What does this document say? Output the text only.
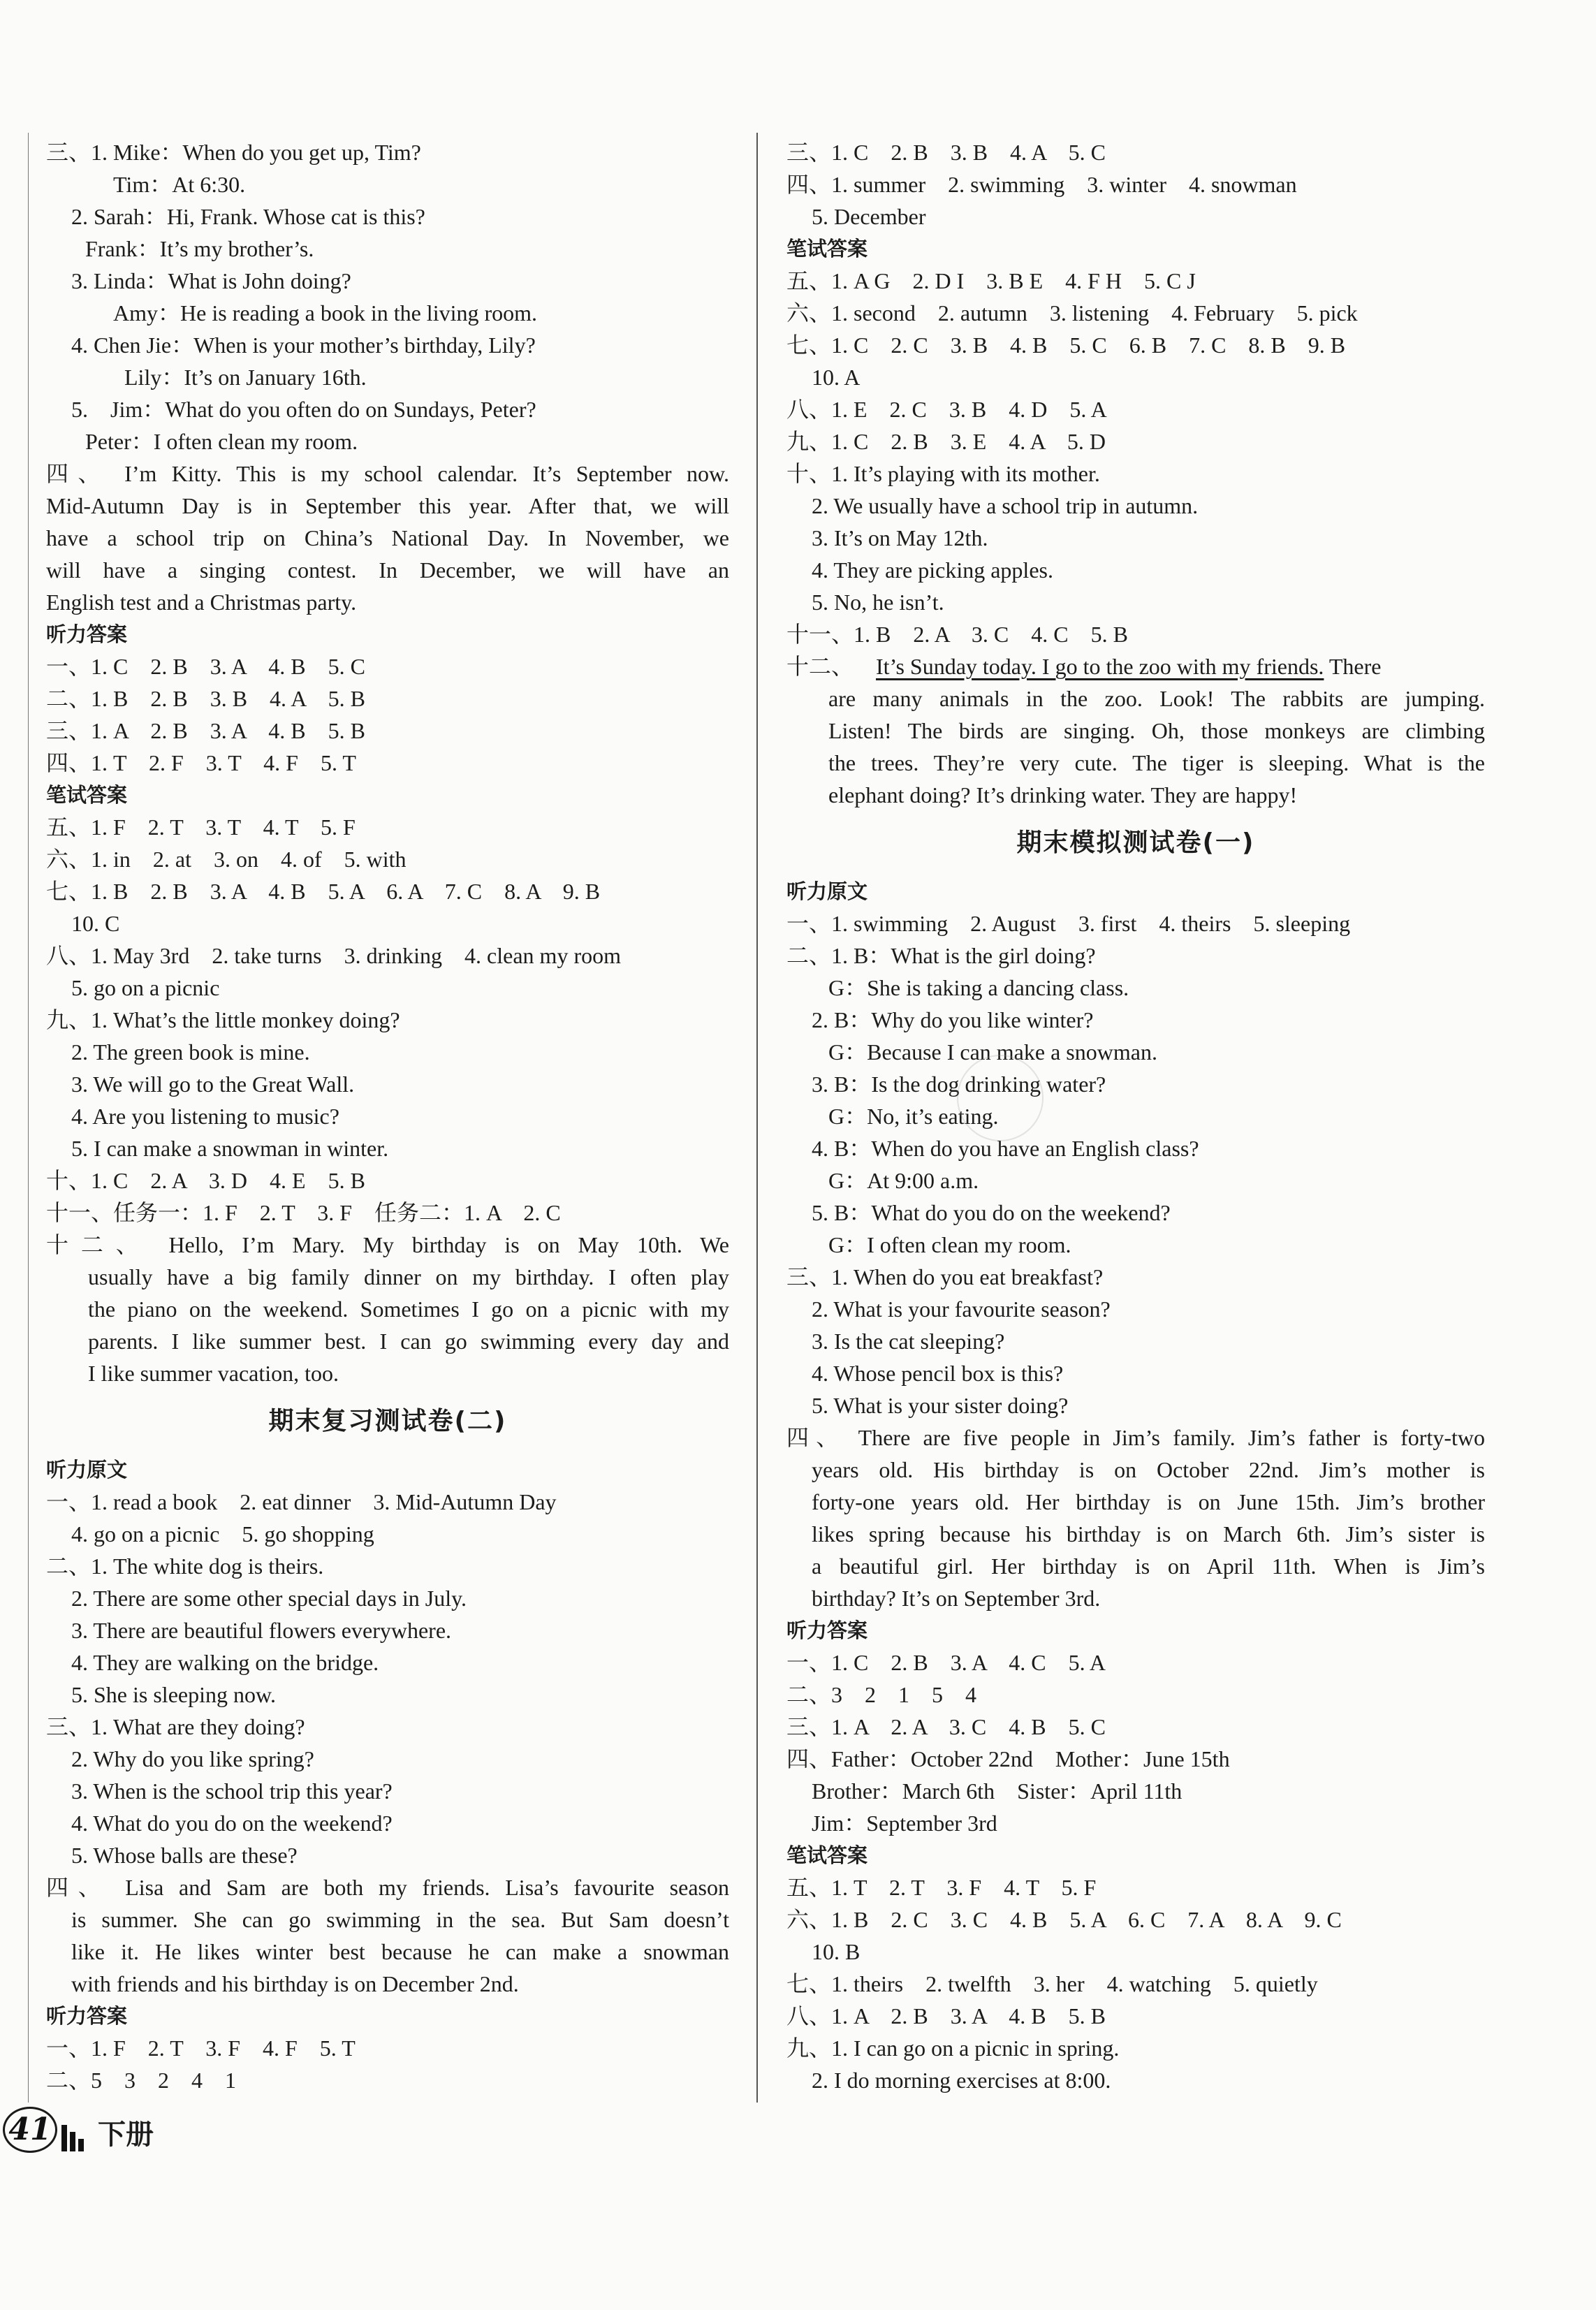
三、1. Mike：When do you get up, Tim?
Tim：At 6:30.
2. Sarah：Hi, Frank. Whose cat is this?
Frank：It’s my brother’s.
3. Linda：What is John doing?
Amy：He is reading a book in the living room.
4. Chen Jie：When is your mother’s birthday, Lily?
Lily：It’s on January 16th.
5.    Jim：What do you often do on Sundays, Peter?
Peter：I often clean my room.
四、 I’m Kitty. This is my school calendar. It’s September now.
Mid-Autumn Day is in September this year. After that, we will
have a school trip on China’s National Day. In November, we
will have a singing contest. In December, we will have an
English test and a Christmas party.
听力答案
一、1. C    2. B    3. A    4. B    5. C
二、1. B    2. B    3. B    4. A    5. B
三、1. A    2. B    3. A    4. B    5. B
四、1. T    2. F    3. T    4. F    5. T
笔试答案
五、1. F    2. T    3. T    4. T    5. F
六、1. in    2. at    3. on    4. of    5. with
七、1. B    2. B    3. A    4. B    5. A    6. A    7. C    8. A    9. B
10. C
八、1. May 3rd    2. take turns    3. drinking    4. clean my room
5. go on a picnic
九、1. What’s the little monkey doing?
2. The green book is mine.
3. We will go to the Great Wall.
4. Are you listening to music?
5. I can make a snowman in winter.
十、1. C    2. A    3. D    4. E    5. B
十一、任务一：1. F    2. T    3. F    任务二：1. A    2. C
十二、 Hello, I’m Mary. My birthday is on May 10th. We
usually have a big family dinner on my birthday. I often play
the piano on the weekend. Sometimes I go on a picnic with my
parents. I like summer best. I can go swimming every day and
I like summer vacation, too.
期末复习测试卷(二)
听力原文
一、1. read a book    2. eat dinner    3. Mid-Autumn Day
4. go on a picnic    5. go shopping
二、1. The white dog is theirs.
2. There are some other special days in July.
3. There are beautiful flowers everywhere.
4. They are walking on the bridge.
5. She is sleeping now.
三、1. What are they doing?
2. Why do you like spring?
3. When is the school trip this year?
4. What do you do on the weekend?
5. Whose balls are these?
四、 Lisa and Sam are both my friends. Lisa’s favourite season
is summer. She can go swimming in the sea. But Sam doesn’t
like it. He likes winter best because he can make a snowman
with friends and his birthday is on December 2nd.
听力答案
一、1. F    2. T    3. F    4. F    5. T
二、5    3    2    4    1
三、1. C    2. B    3. B    4. A    5. C
四、1. summer    2. swimming    3. winter    4. snowman
5. December
笔试答案
五、1. A G    2. D I    3. B E    4. F H    5. C J
六、1. second    2. autumn    3. listening    4. February    5. pick
七、1. C    2. C    3. B    4. B    5. C    6. B    7. C    8. B    9. B
10. A
八、1. E    2. C    3. B    4. D    5. A
九、1. C    2. B    3. E    4. A    5. D
十、1. It’s playing with its mother.
2. We usually have a school trip in autumn.
3. It’s on May 12th.
4. They are picking apples.
5. No, he isn’t.
十一、1. B    2. A    3. C    4. C    5. B
十二、 It’s Sunday today. I go to the zoo with my friends. There
are many animals in the zoo. Look! The rabbits are jumping.
Listen! The birds are singing. Oh, those monkeys are climbing
the trees. They’re very cute. The tiger is sleeping. What is the
elephant doing? It’s drinking water. They are happy!
期末模拟测试卷(一)
听力原文
一、1. swimming    2. August    3. first    4. theirs    5. sleeping
二、1. B：What is the girl doing?
G：She is taking a dancing class.
2. B：Why do you like winter?
G：Because I can make a snowman.
3. B：Is the dog drinking water?
G：No, it’s eating.
4. B：When do you have an English class?
G：At 9:00 a.m.
5. B：What do you do on the weekend?
G：I often clean my room.
三、1. When do you eat breakfast?
2. What is your favourite season?
3. Is the cat sleeping?
4. Whose pencil box is this?
5. What is your sister doing?
四、 There are five people in Jim’s family. Jim’s father is forty-two
years old. His birthday is on October 22nd. Jim’s mother is
forty-one years old. Her birthday is on June 15th. Jim’s brother
likes spring because his birthday is on March 6th. Jim’s sister is
a beautiful girl. Her birthday is on April 11th. When is Jim’s
birthday? It’s on September 3rd.
听力答案
一、1. C    2. B    3. A    4. C    5. A
二、3    2    1    5    4
三、1. A    2. A    3. C    4. B    5. C
四、Father：October 22nd    Mother：June 15th
Brother：March 6th    Sister：April 11th
Jim：September 3rd
笔试答案
五、1. T    2. T    3. F    4. T    5. F
六、1. B    2. C    3. C    4. B    5. A    6. C    7. A    8. A    9. C
10. B
七、1. theirs    2. twelfth    3. her    4. watching    5. quietly
八、1. A    2. B    3. A    4. B    5. B
九、1. I can go on a picnic in spring.
2. I do morning exercises at 8:00.
41 下册
